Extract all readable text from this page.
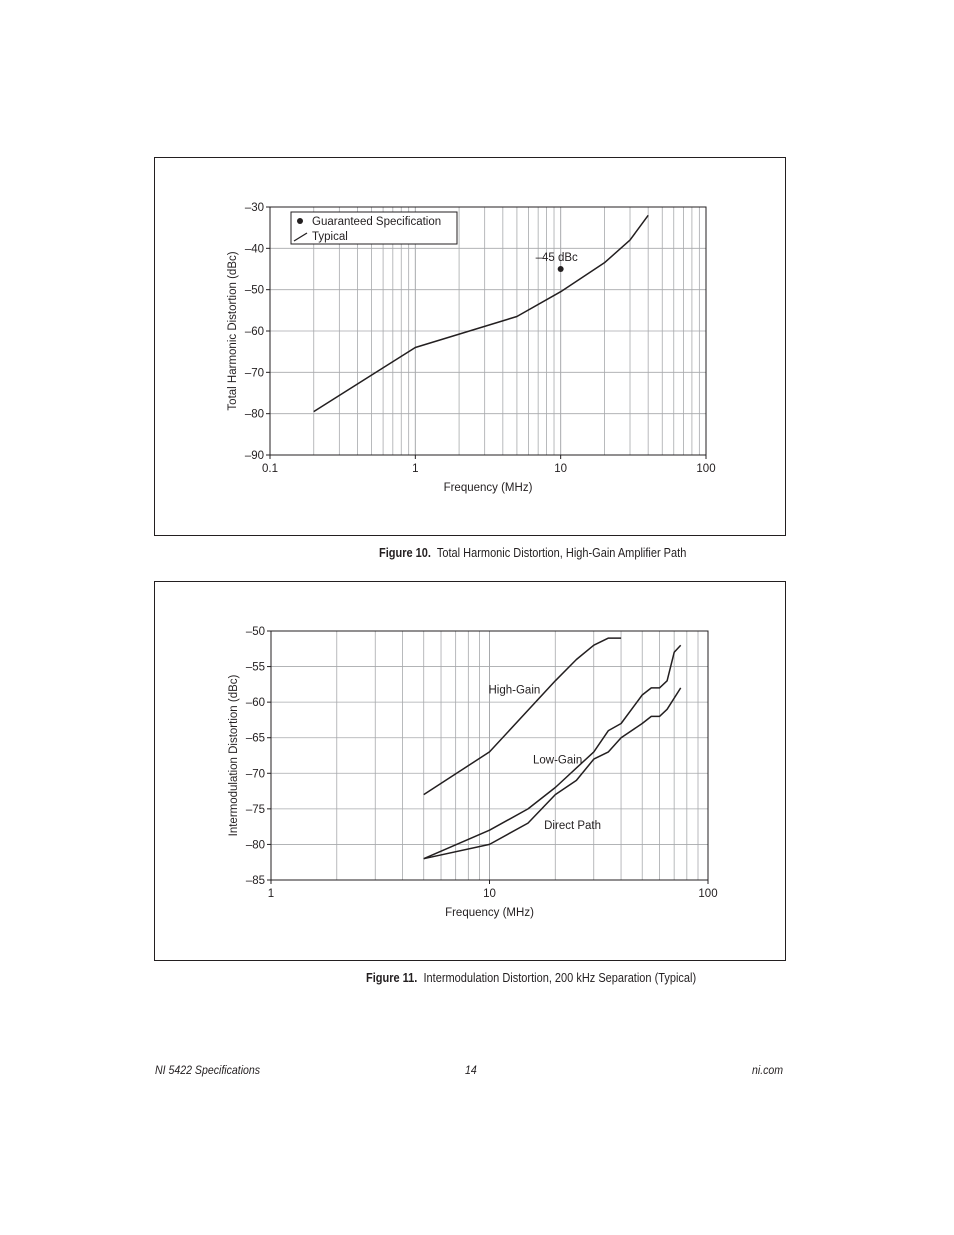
–30
–40
–50
–60
–70
–80
–90
0.1	1	10	100
Frequency (MHz)
Total Harmonic Distortion (dBc)	–45 dBc
Guaranteed Specification
Typical
Figure 10. Total Harmonic Distortion, High-Gain Amplifier Path
–50
–55
–60
–65
–70
–75
–80
–85
1	10	100
Frequency (MHz)
Intermodulation Distortion (dBc)	High-Gain
Low-Gain
Direct Path
Figure 11. Intermodulation Distortion, 200 kHz Separation (Typical)
NI 5422 Specifications	14	ni.com
